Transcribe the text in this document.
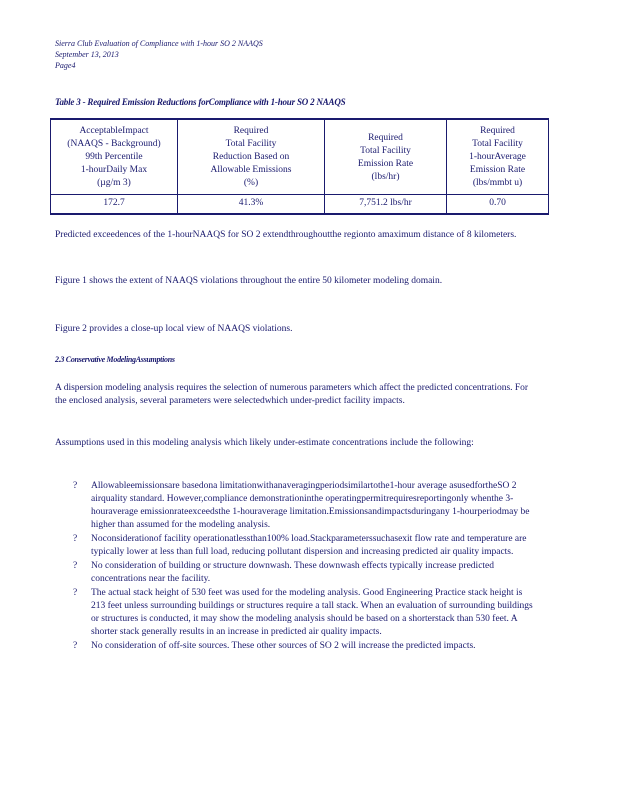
Sierra Club Evaluation of Compliance with 1-hour SO 2 NAAQS
September 13, 2013
Page4
Table 3 - Required Emission Reductions forCompliance with 1-hour SO 2 NAAQS
AcceptableImpact
(NAAQS - Background)
99th Percentile
1-hourDaily Max
(µg/m 3)	Required
Total Facility
Reduction Based on
Allowable Emissions
(%)	Required
Total Facility
Emission Rate
(lbs/hr)	Required
Total Facility
1-hourAverage
Emission Rate
(lbs/mmbt u)

172.7	41.3%	7,751.2 lbs/hr	0.70

Predicted exceedences of the 1-hourNAAQS for SO 2 extendthroughoutthe regionto amaximum distance of 8 kilometers.

Figure 1 shows the extent of NAAQS violations throughout the entire 50 kilometer modeling domain.

Figure 2 provides a close-up local view of NAAQS violations.

2.3 Conservative ModelingAssumptions

A dispersion modeling analysis requires the selection of numerous parameters which affect the predicted concentrations. For the enclosed analysis, several parameters were selectedwhich under-predict facility impacts.

Assumptions used in this modeling analysis which likely under-estimate concentrations include the following:

? Allowableemissionsare basedona limitationwithanaveragingperiodsimilartothe1-hour average asusedfortheSO 2 airquality standard. However,compliance demonstrationinthe operatingpermitrequiresreportingonly whenthe 3-houraverage emissionrateexceedsthe 1-houraverage limitation.Emissionsandimpactsduringany 1-hourperiodmay be higher than assumed for the modeling analysis.
? Noconsiderationof facility operationatlessthan100% load.Stackparameterssuchasexit flow rate and temperature are typically lower at less than full load, reducing pollutant dispersion and increasing predicted air quality impacts.
? No consideration of building or structure downwash. These downwash effects typically increase predicted concentrations near the facility.
? The actual stack height of 530 feet was used for the modeling analysis. Good Engineering Practice stack height is 213 feet unless surrounding buildings or structures require a tall stack. When an evaluation of surrounding buildings or structures is conducted, it may show the modeling analysis should be based on a shorterstack than 530 feet. A shorter stack generally results in an increase in predicted air quality impacts.
? No consideration of off-site sources. These other sources of SO 2 will increase the predicted impacts.
